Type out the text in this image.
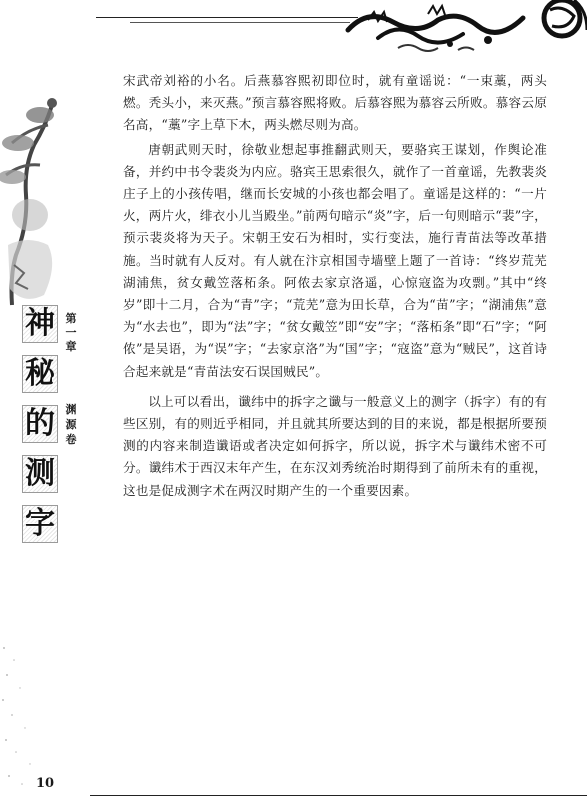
神
秘
的
测
字
第
一
章
渊
源
卷

宋武帝刘裕的小名。后燕慕容熙初即位时，就有童谣说：“一束藁，两头燃。秃头小，来灭燕。”预言慕容熙将败。后慕容熙为慕容云所败。慕容云原名高，“藁”字上草下木，两头燃尽则为高。

唐朝武则天时，徐敬业想起事推翻武则天，要骆宾王谋划，作舆论准备，并约中书令裴炎为内应。骆宾王思索很久，就作了一首童谣，先教裴炎庄子上的小孩传唱，继而长安城的小孩也都会唱了。童谣是这样的：“一片火，两片火，绯衣小儿当殿坐。”前两句暗示“炎”字，后一句则暗示“裴”字，预示裴炎将为天子。宋朝王安石为相时，实行变法，施行青苗法等改革措施。当时就有人反对。有人就在汴京相国寺墙壁上题了一首诗：“终岁荒芜湖浦焦，贫女戴笠落柘条。阿侬去家京洛遥，心惊寇盗为攻剽。”其中“终岁”即十二月，合为“青”字；“荒芜”意为田长草，合为“苗”字；“湖浦焦”意为“水去也”，即为“法”字；“贫女戴笠”即“安”字；“落柘条”即“石”字；“阿侬”是吴语，为“误”字；“去家京洛”为“国”字；“寇盗”意为“贼民”，这首诗合起来就是“青苗法安石误国贼民”。

以上可以看出，谶纬中的拆字之谶与一般意义上的测字（拆字）有的有些区别，有的则近乎相同，并且就其所要达到的目的来说，都是根据所要预测的内容来制造谶语或者决定如何拆字，所以说，拆字术与谶纬术密不可分。谶纬术于西汉末年产生，在东汉刘秀统治时期得到了前所未有的重视，这也是促成测字术在两汉时期产生的一个重要因素。

10
